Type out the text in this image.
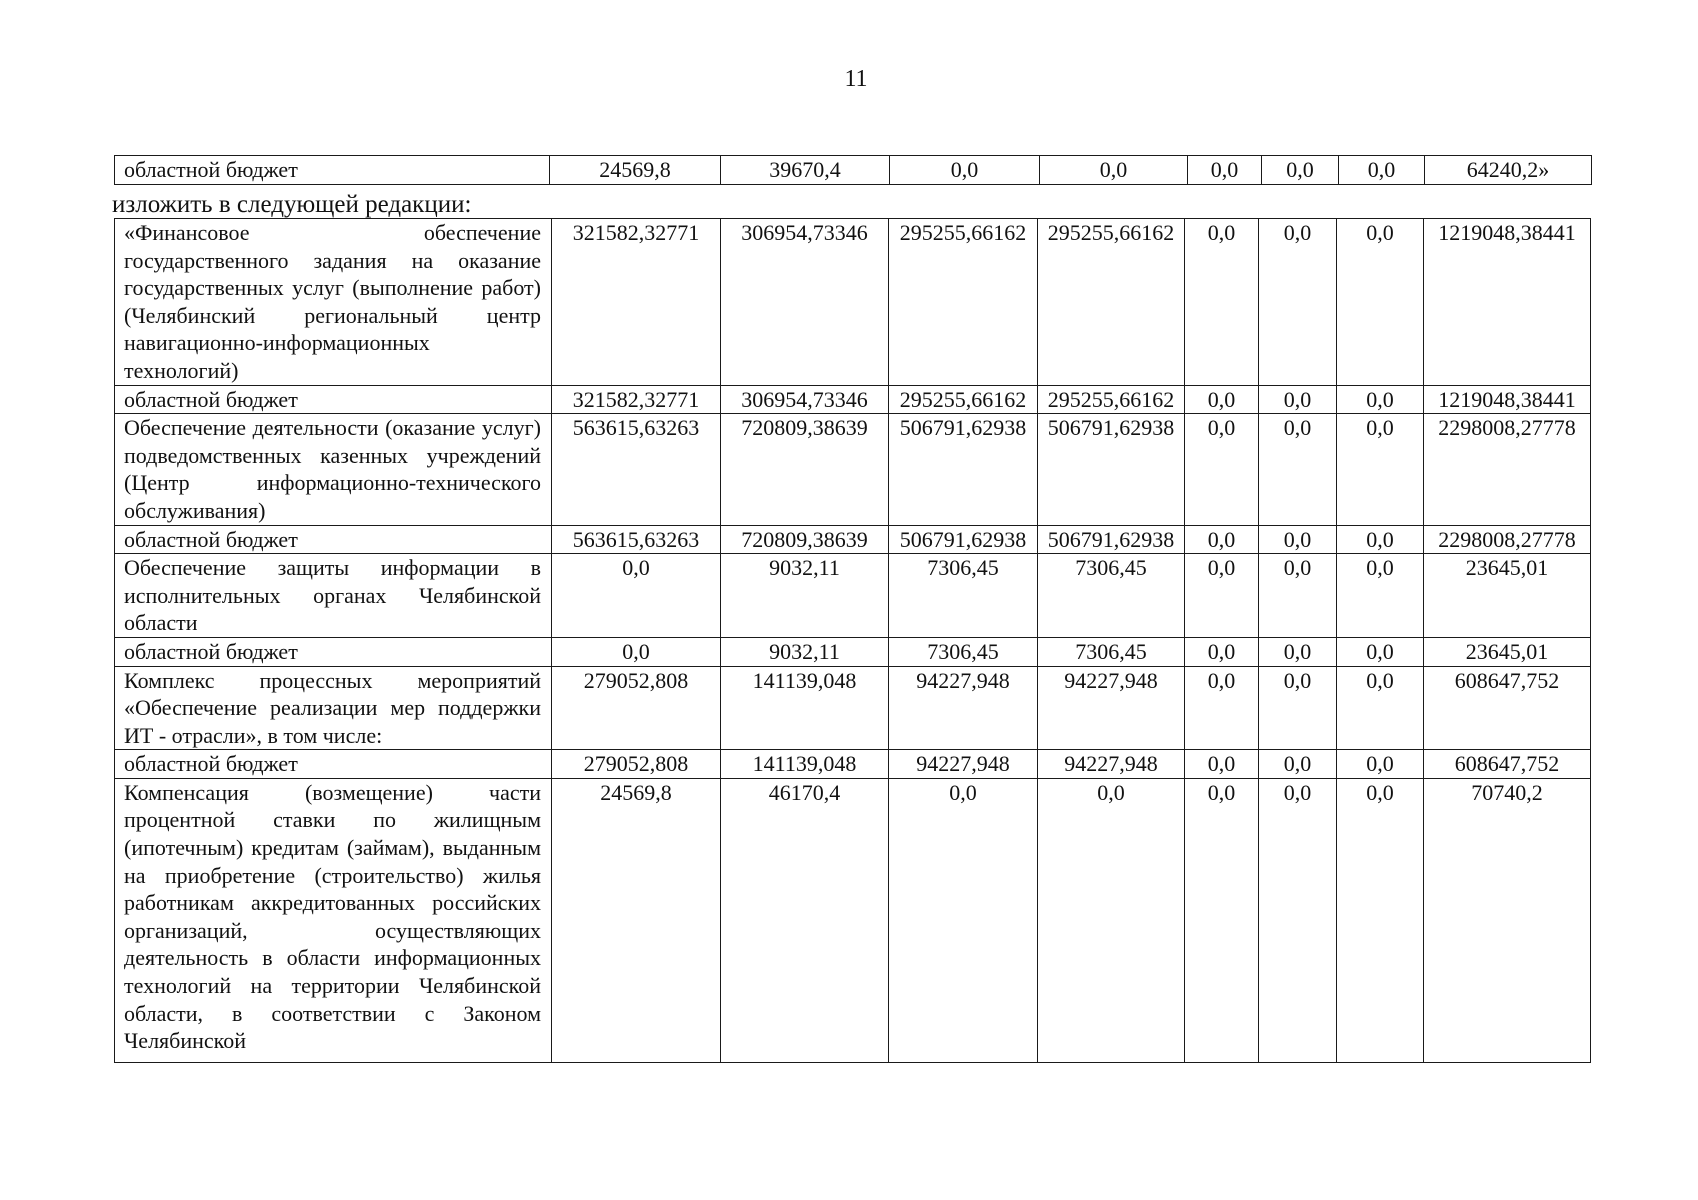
11
областной бюджет	24569,8	39670,4	0,0	0,0	0,0	0,0	0,0	64240,2»
изложить в следующей редакции:
«Финансовое обеспечение государственного задания на оказание государственных услуг (выполнение работ) (Челябинский региональный центр навигационно-информационных технологий)	321582,32771	306954,73346	295255,66162	295255,66162	0,0	0,0	0,0	1219048,38441
областной бюджет	321582,32771	306954,73346	295255,66162	295255,66162	0,0	0,0	0,0	1219048,38441
Обеспечение деятельности (оказание услуг) подведомственных казенных учреждений (Центр информационно-технического обслуживания)	563615,63263	720809,38639	506791,62938	506791,62938	0,0	0,0	0,0	2298008,27778
областной бюджет	563615,63263	720809,38639	506791,62938	506791,62938	0,0	0,0	0,0	2298008,27778
Обеспечение защиты информации в исполнительных органах Челябинской области	0,0	9032,11	7306,45	7306,45	0,0	0,0	0,0	23645,01
областной бюджет	0,0	9032,11	7306,45	7306,45	0,0	0,0	0,0	23645,01
Комплекс процессных мероприятий «Обеспечение реализации мер поддержки ИТ - отрасли», в том числе:	279052,808	141139,048	94227,948	94227,948	0,0	0,0	0,0	608647,752
областной бюджет	279052,808	141139,048	94227,948	94227,948	0,0	0,0	0,0	608647,752
Компенсация (возмещение) части процентной ставки по жилищным (ипотечным) кредитам (займам), выданным на приобретение (строительство) жилья работникам аккредитованных российских организаций, осуществляющих деятельность в области информационных технологий на территории Челябинской области, в соответствии с Законом Челябинской	24569,8	46170,4	0,0	0,0	0,0	0,0	0,0	70740,2
